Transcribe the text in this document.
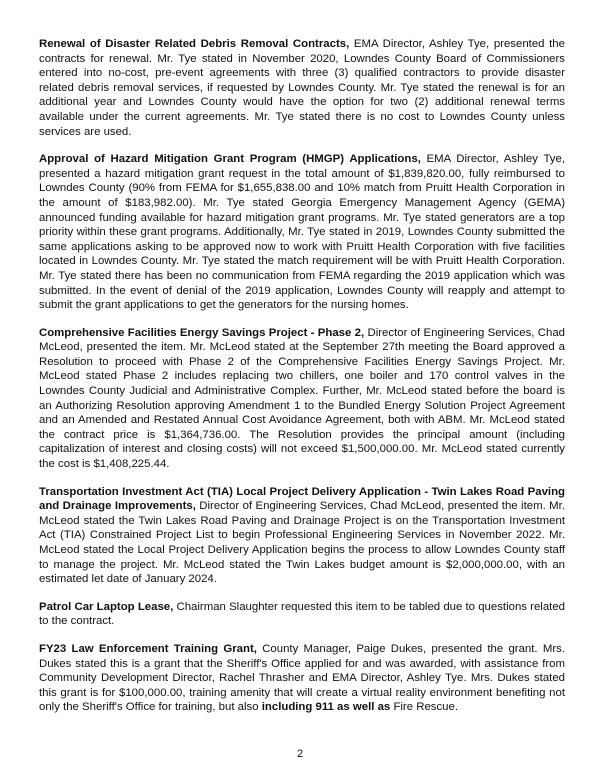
Renewal of Disaster Related Debris Removal Contracts, EMA Director, Ashley Tye, presented the contracts for renewal. Mr. Tye stated in November 2020, Lowndes County Board of Commissioners entered into no-cost, pre-event agreements with three (3) qualified contractors to provide disaster related debris removal services, if requested by Lowndes County. Mr. Tye stated the renewal is for an additional year and Lowndes County would have the option for two (2) additional renewal terms available under the current agreements. Mr. Tye stated there is no cost to Lowndes County unless services are used.

Approval of Hazard Mitigation Grant Program (HMGP) Applications, EMA Director, Ashley Tye, presented a hazard mitigation grant request in the total amount of $1,839,820.00, fully reimbursed to Lowndes County (90% from FEMA for $1,655,838.00 and 10% match from Pruitt Health Corporation in the amount of $183,982.00). Mr. Tye stated Georgia Emergency Management Agency (GEMA) announced funding available for hazard mitigation grant programs. Mr. Tye stated generators are a top priority within these grant programs. Additionally, Mr. Tye stated in 2019, Lowndes County submitted the same applications asking to be approved now to work with Pruitt Health Corporation with five facilities located in Lowndes County. Mr. Tye stated the match requirement will be with Pruitt Health Corporation. Mr. Tye stated there has been no communication from FEMA regarding the 2019 application which was submitted. In the event of denial of the 2019 application, Lowndes County will reapply and attempt to submit the grant applications to get the generators for the nursing homes.

Comprehensive Facilities Energy Savings Project - Phase 2, Director of Engineering Services, Chad McLeod, presented the item. Mr. McLeod stated at the September 27th meeting the Board approved a Resolution to proceed with Phase 2 of the Comprehensive Facilities Energy Savings Project. Mr. McLeod stated Phase 2 includes replacing two chillers, one boiler and 170 control valves in the Lowndes County Judicial and Administrative Complex. Further, Mr. McLeod stated before the board is an Authorizing Resolution approving Amendment 1 to the Bundled Energy Solution Project Agreement and an Amended and Restated Annual Cost Avoidance Agreement, both with ABM. Mr. McLeod stated the contract price is $1,364,736.00. The Resolution provides the principal amount (including capitalization of interest and closing costs) will not exceed $1,500,000.00. Mr. McLeod stated currently the cost is $1,408,225.44.

Transportation Investment Act (TIA) Local Project Delivery Application - Twin Lakes Road Paving and Drainage Improvements, Director of Engineering Services, Chad McLeod, presented the item. Mr. McLeod stated the Twin Lakes Road Paving and Drainage Project is on the Transportation Investment Act (TIA) Constrained Project List to begin Professional Engineering Services in November 2022. Mr. McLeod stated the Local Project Delivery Application begins the process to allow Lowndes County staff to manage the project. Mr. McLeod stated the Twin Lakes budget amount is $2,000,000.00, with an estimated let date of January 2024.

Patrol Car Laptop Lease, Chairman Slaughter requested this item to be tabled due to questions related to the contract.

FY23 Law Enforcement Training Grant, County Manager, Paige Dukes, presented the grant. Mrs. Dukes stated this is a grant that the Sheriff's Office applied for and was awarded, with assistance from Community Development Director, Rachel Thrasher and EMA Director, Ashley Tye. Mrs. Dukes stated this grant is for $100,000.00, training amenity that will create a virtual reality environment benefiting not only the Sheriff's Office for training, but also including 911 as well as Fire Rescue.

2
